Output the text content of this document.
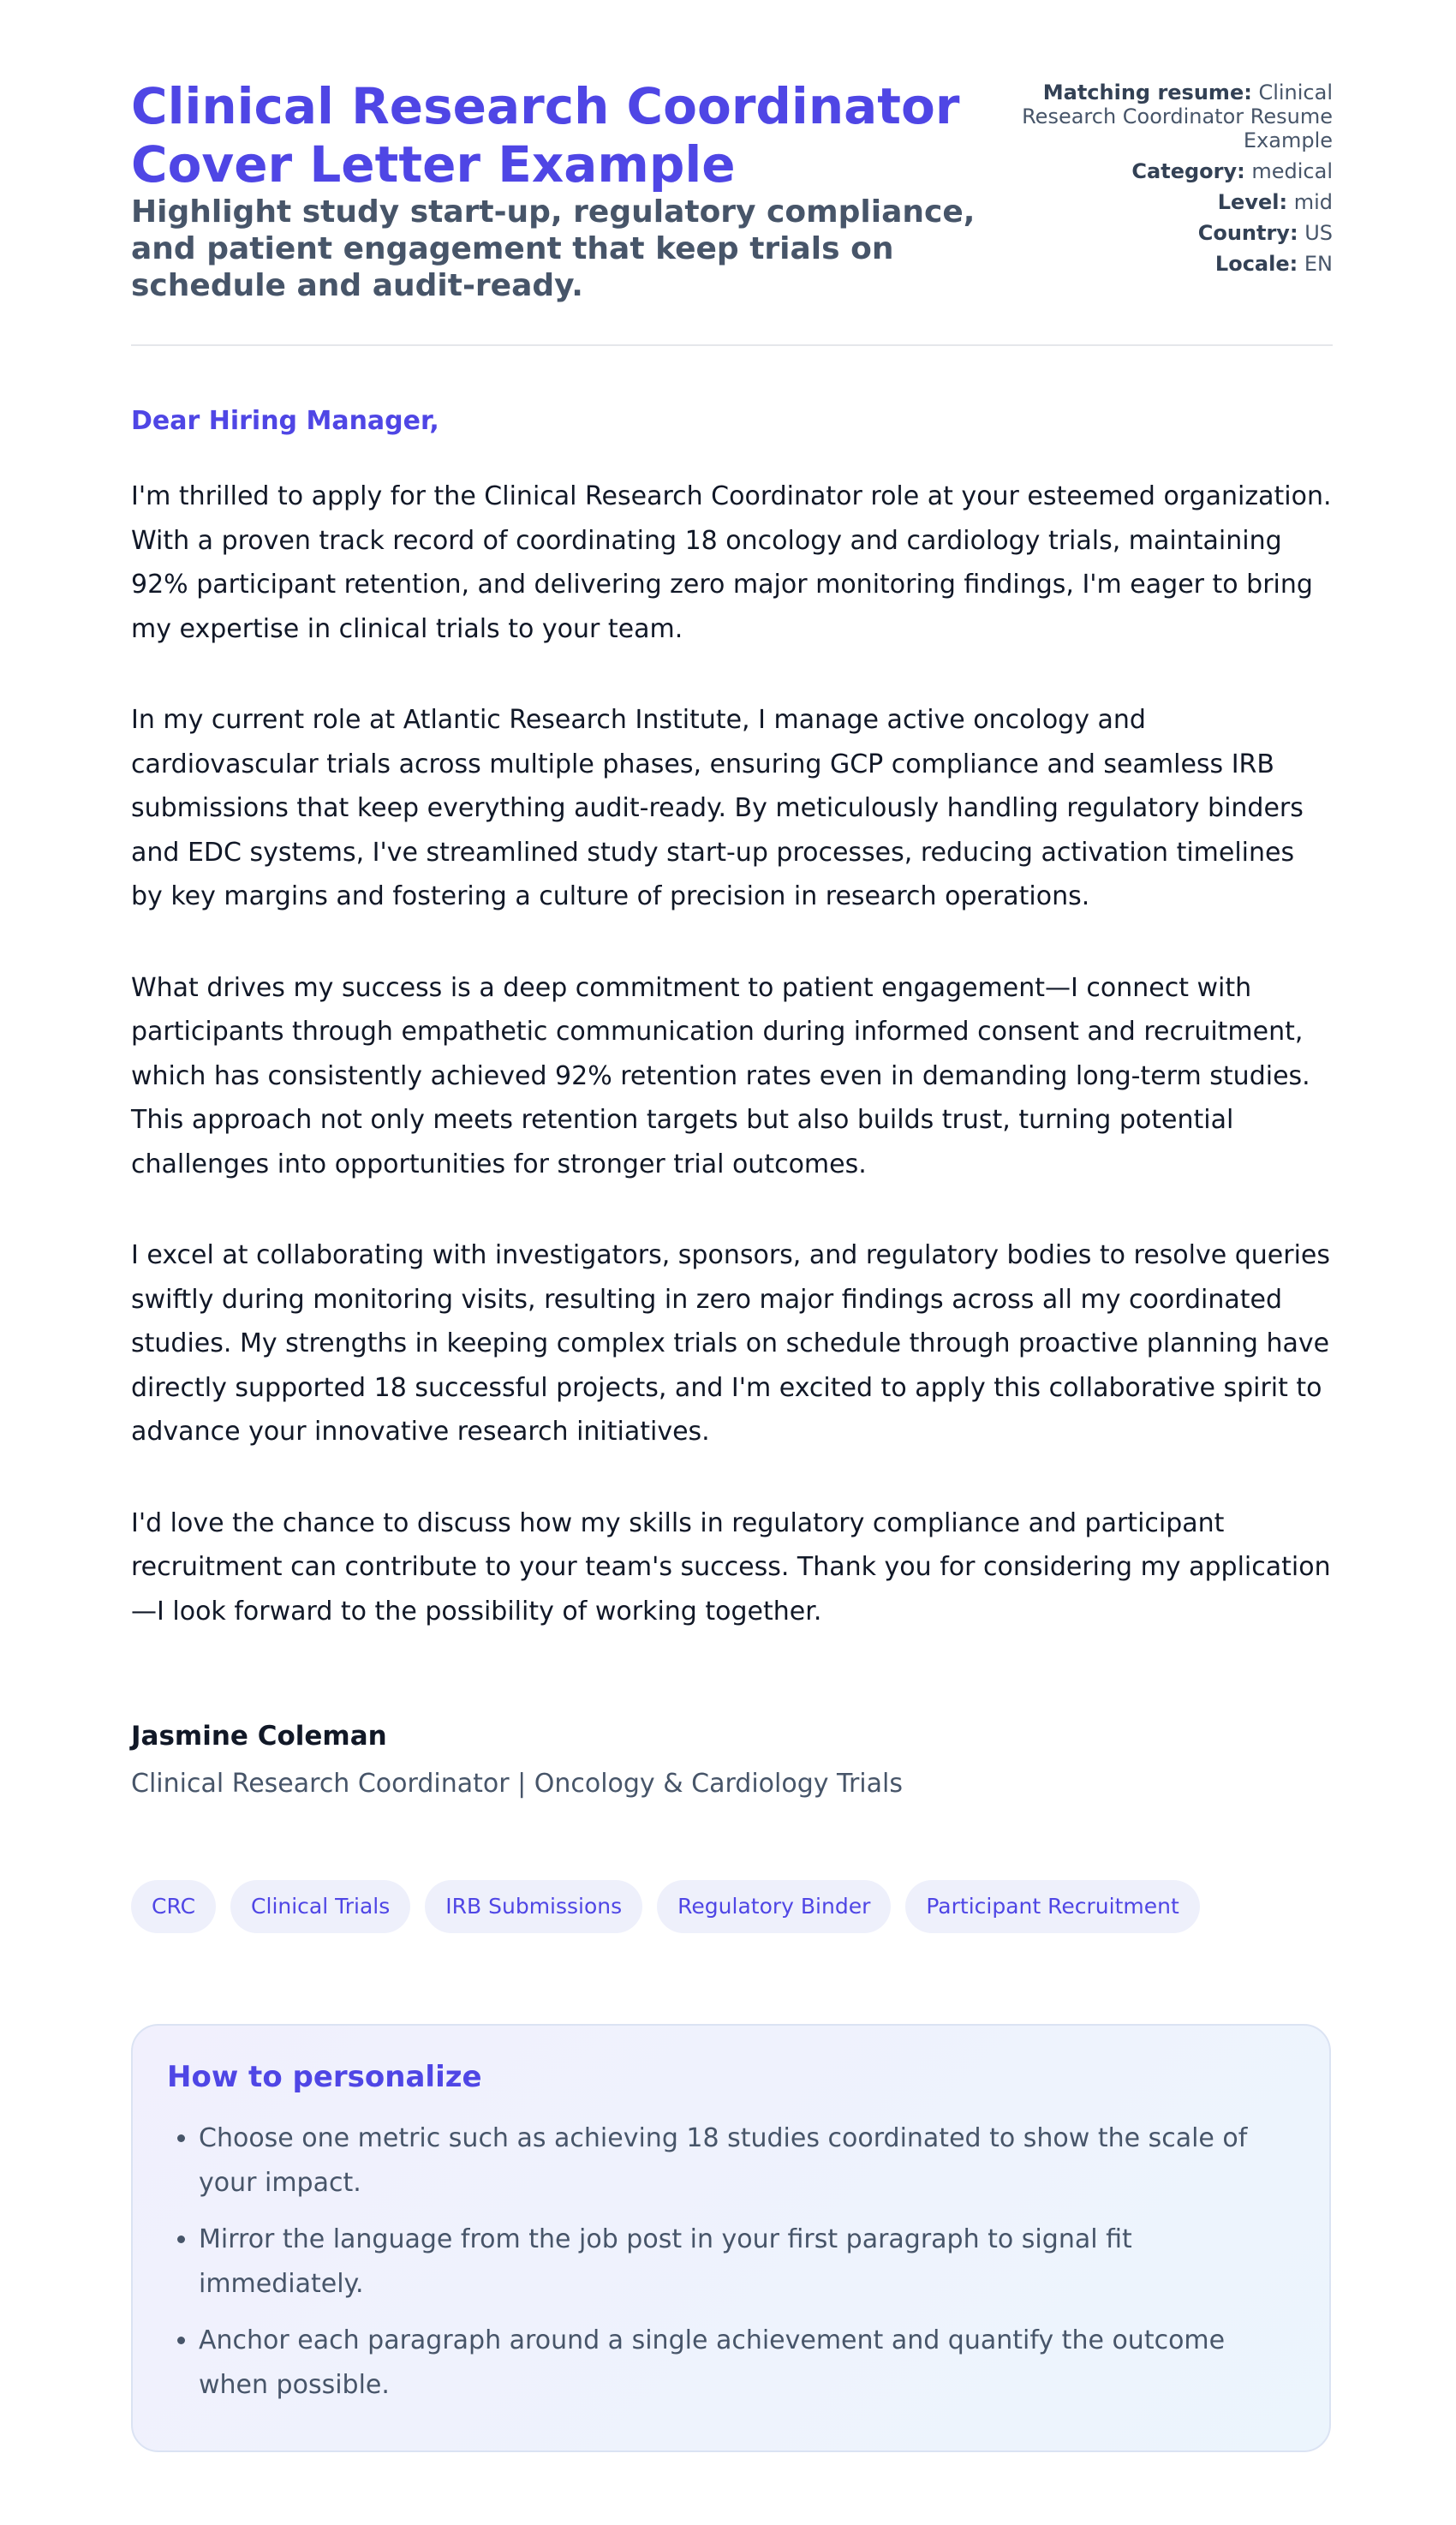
Clinical Research Coordinator Cover Letter Example
Highlight study start-up, regulatory compliance, and patient engagement that keep trials on schedule and audit-ready.
Matching resume: Clinical Research Coordinator Resume Example
Category: medical
Level: mid
Country: US
Locale: EN

Dear Hiring Manager,

I'm thrilled to apply for the Clinical Research Coordinator role at your esteemed organization. With a proven track record of coordinating 18 oncology and cardiology trials, maintaining 92% participant retention, and delivering zero major monitoring findings, I'm eager to bring my expertise in clinical trials to your team.

In my current role at Atlantic Research Institute, I manage active oncology and cardiovascular trials across multiple phases, ensuring GCP compliance and seamless IRB submissions that keep everything audit-ready. By meticulously handling regulatory binders and EDC systems, I've streamlined study start-up processes, reducing activation timelines by key margins and fostering a culture of precision in research operations.

What drives my success is a deep commitment to patient engagement—I connect with participants through empathetic communication during informed consent and recruitment, which has consistently achieved 92% retention rates even in demanding long-term studies. This approach not only meets retention targets but also builds trust, turning potential challenges into opportunities for stronger trial outcomes.

I excel at collaborating with investigators, sponsors, and regulatory bodies to resolve queries swiftly during monitoring visits, resulting in zero major findings across all my coordinated studies. My strengths in keeping complex trials on schedule through proactive planning have directly supported 18 successful projects, and I'm excited to apply this collaborative spirit to advance your innovative research initiatives.

I'd love the chance to discuss how my skills in regulatory compliance and participant recruitment can contribute to your team's success. Thank you for considering my application—I look forward to the possibility of working together.

Jasmine Coleman
Clinical Research Coordinator | Oncology & Cardiology Trials
CRC	Clinical Trials	IRB Submissions	Regulatory Binder	Participant Recruitment
How to personalize
• Choose one metric such as achieving 18 studies coordinated to show the scale of your impact.
• Mirror the language from the job post in your first paragraph to signal fit immediately.
• Anchor each paragraph around a single achievement and quantify the outcome when possible.
